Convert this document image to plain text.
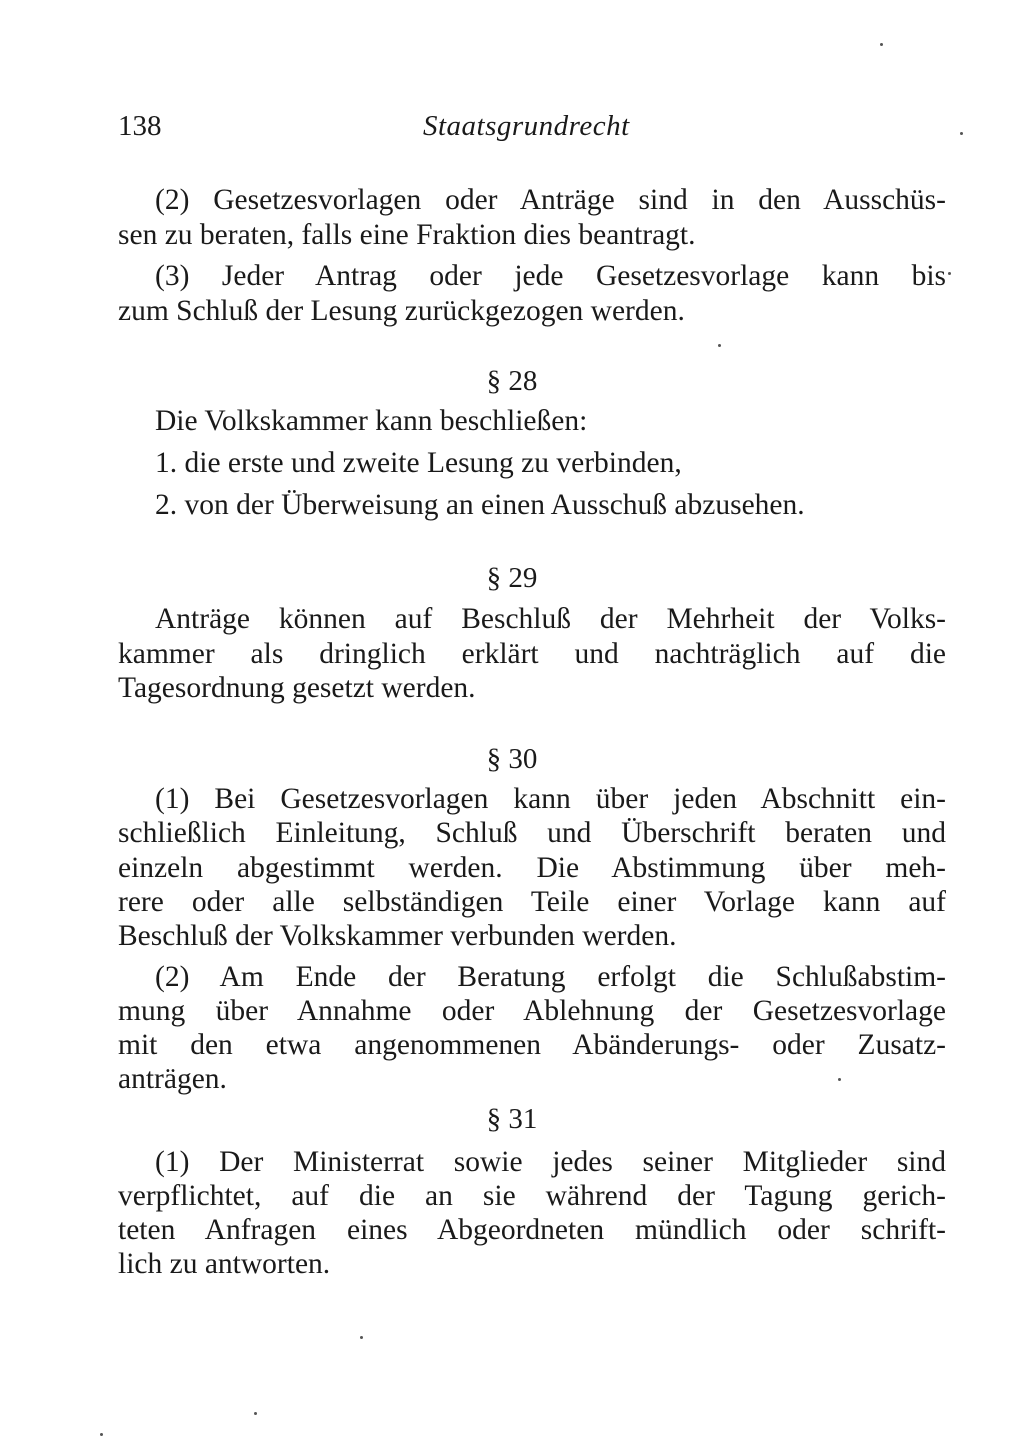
138	Staatsgrundrecht
(2) Gesetzesvorlagen oder Anträge sind in den Ausschüs-
sen zu beraten, falls eine Fraktion dies beantragt.
(3) Jeder Antrag oder jede Gesetzesvorlage kann bis
zum Schluß der Lesung zurückgezogen werden.
§ 28
Die Volkskammer kann beschließen:
1. die erste und zweite Lesung zu verbinden,
2. von der Überweisung an einen Ausschuß abzusehen.
§ 29
Anträge können auf Beschluß der Mehrheit der Volks-
kammer als dringlich erklärt und nachträglich auf die
Tagesordnung gesetzt werden.
§ 30
(1) Bei Gesetzesvorlagen kann über jeden Abschnitt ein-
schließlich Einleitung, Schluß und Überschrift beraten und
einzeln abgestimmt werden. Die Abstimmung über meh-
rere oder alle selbständigen Teile einer Vorlage kann auf
Beschluß der Volkskammer verbunden werden.
(2) Am Ende der Beratung erfolgt die Schlußabstim-
mung über Annahme oder Ablehnung der Gesetzesvorlage
mit den etwa angenommenen Abänderungs- oder Zusatz-
anträgen.
§ 31
(1) Der Ministerrat sowie jedes seiner Mitglieder sind
verpflichtet, auf die an sie während der Tagung gerich-
teten Anfragen eines Abgeordneten mündlich oder schrift-
lich zu antworten.
